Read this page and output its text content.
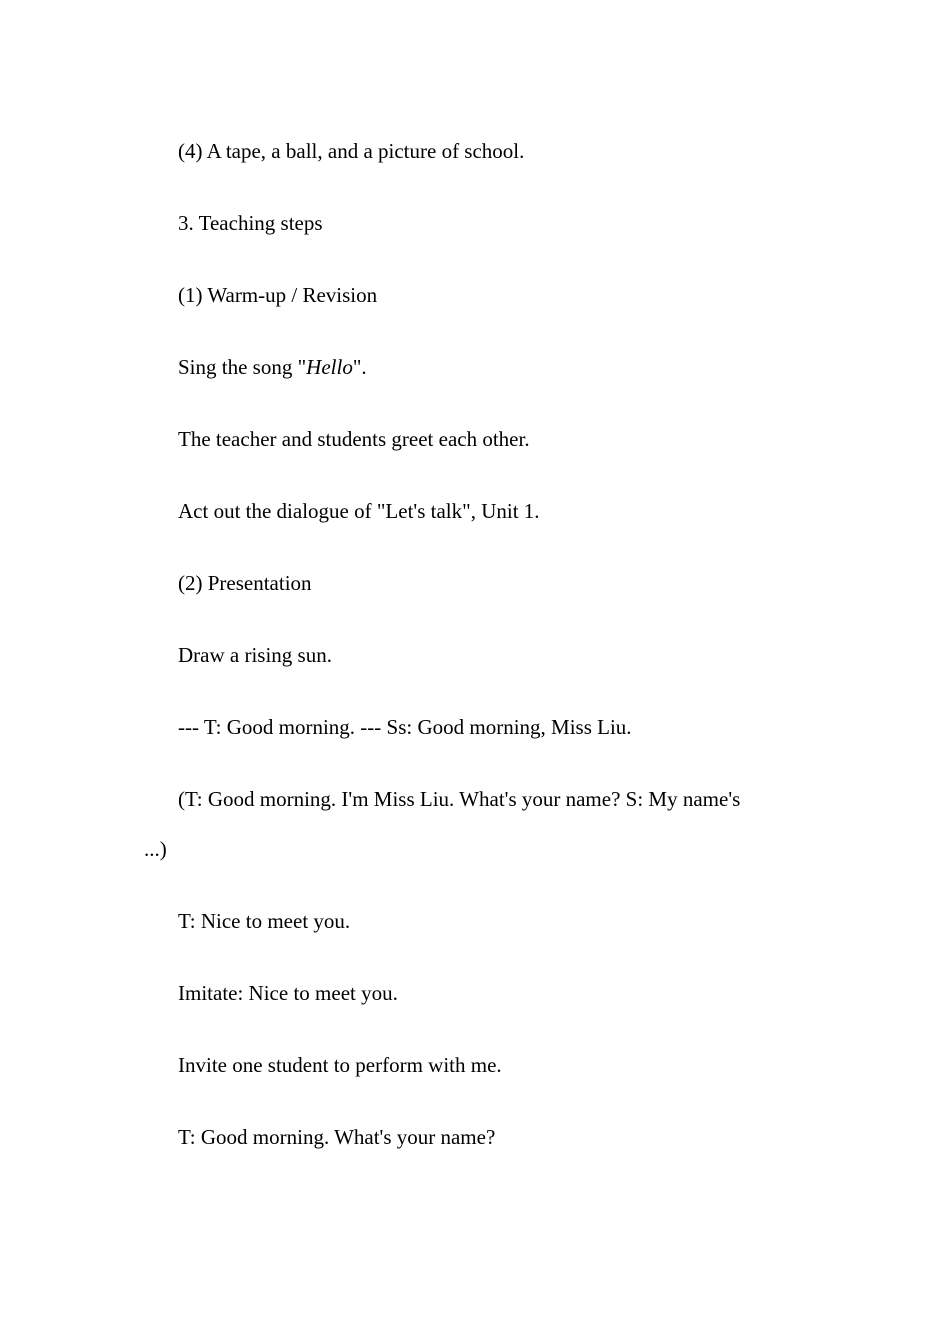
(4) A tape, a ball, and a picture of school.

3. Teaching steps

(1) Warm-up / Revision

Sing the song "Hello".

The teacher and students greet each other.

Act out the dialogue of "Let's talk", Unit 1.

(2) Presentation

Draw a rising sun.

--- T: Good morning. --- Ss: Good morning, Miss Liu.

(T: Good morning. I'm Miss Liu. What's your name? S: My name's ...)

T: Nice to meet you.

Imitate: Nice to meet you.

Invite one student to perform with me.

T: Good morning. What's your name?
